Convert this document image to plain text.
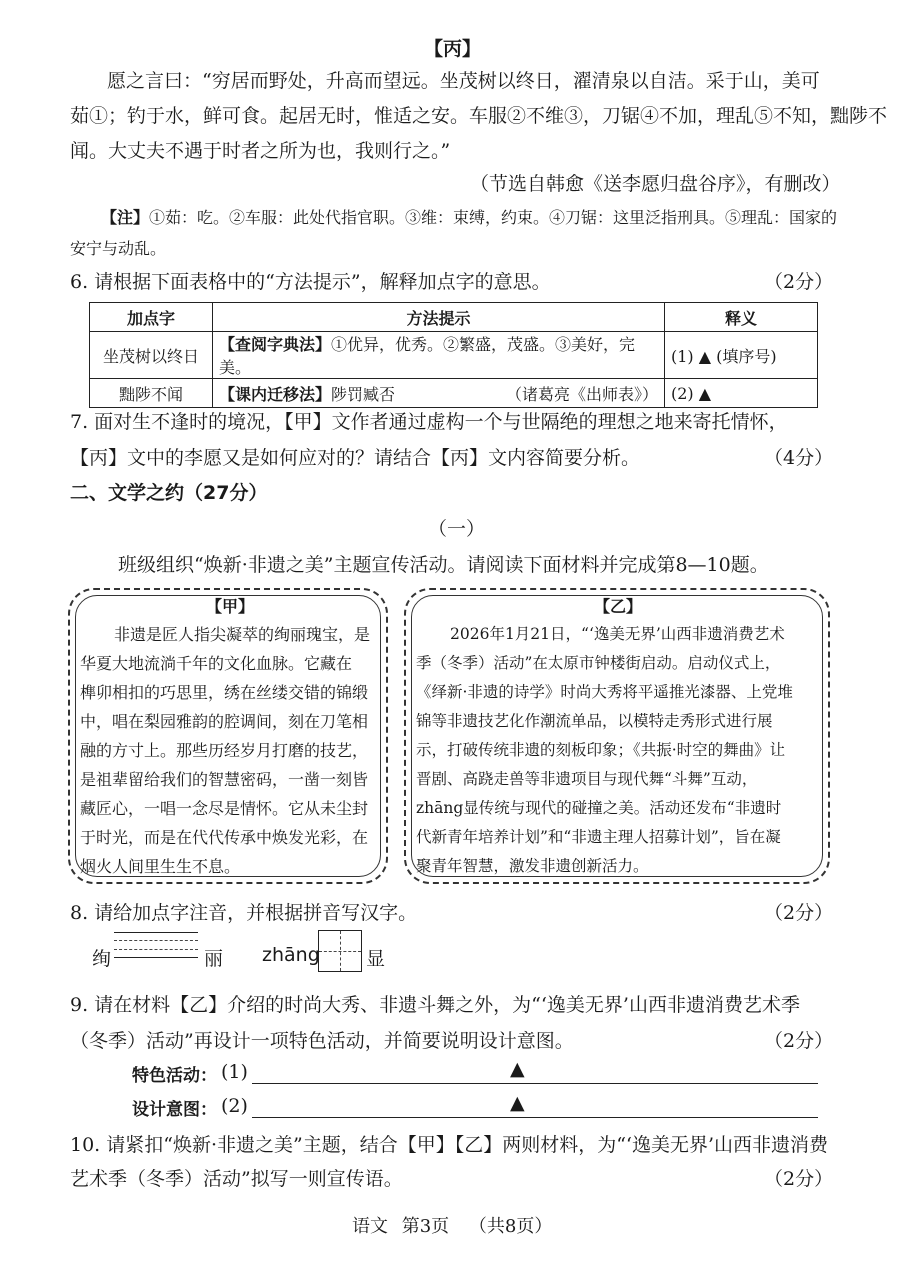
【丙】
愿之言曰：“穷居而野处，升高而望远。坐茂树以终日，濯清泉以自洁。采于山，美可
茹①；钓于水，鲜可食。起居无时，惟适之安。车服②不维③，刀锯④不加，理乱⑤不知，黜陟不
闻。大丈夫不遇于时者之所为也，我则行之。”
（节选自韩愈《送李愿归盘谷序》，有删改）
【注】①茹：吃。②车服：此处代指官职。③维：束缚，约束。④刀锯：这里泛指刑具。⑤理乱：国家的
安宁与动乱。
6. 请根据下面表格中的“方法提示”，解释加点字的意思。	（2分）
加点字	方法提示	释义
坐茂树以终日	【查阅字典法】①优异，优秀。②繁盛，茂盛。③美好，完美。	(1) ▲ (填序号)
黜陟不闻	【课内迁移法】陟罚臧否 （诸葛亮《出师表》）	(2) ▲
7. 面对生不逢时的境况，【甲】文作者通过虚构一个与世隔绝的理想之地来寄托情怀，
【丙】文中的李愿又是如何应对的？请结合【丙】文内容简要分析。	（4分）
二、文学之约（27分）
（一）
班级组织“焕新·非遗之美”主题宣传活动。请阅读下面材料并完成第8—10题。
【甲】
非遗是匠人指尖凝萃的绚丽瑰宝，是
华夏大地流淌千年的文化血脉。它藏在
榫卯相扣的巧思里，绣在丝缕交错的锦缎
中，唱在梨园雅韵的腔调间，刻在刀笔相
融的方寸上。那些历经岁月打磨的技艺，
是祖辈留给我们的智慧密码，一凿一刻皆
藏匠心，一唱一念尽是情怀。它从未尘封
于时光，而是在代代传承中焕发光彩，在
烟火人间里生生不息。
【乙】
2026年1月21日，“‘逸美无界’山西非遗消费艺术
季（冬季）活动”在太原市钟楼街启动。启动仪式上，
《绎新·非遗的诗学》时尚大秀将平遥推光漆器、上党堆
锦等非遗技艺化作潮流单品，以模特走秀形式进行展
示，打破传统非遗的刻板印象；《共振·时空的舞曲》让
晋剧、高跷走兽等非遗项目与现代舞“斗舞”互动，
zhāng显传统与现代的碰撞之美。活动还发布“非遗时
代新青年培养计划”和“非遗主理人招募计划”，旨在凝
聚青年智慧，激发非遗创新活力。
8. 请给加点字注音，并根据拼音写汉字。	（2分）
绚	丽 zhāng 显
9. 请在材料【乙】介绍的时尚大秀、非遗斗舞之外，为“‘逸美无界’山西非遗消费艺术季
（冬季）活动”再设计一项特色活动，并简要说明设计意图。	（2分）
特色活动： (1)	▲
设计意图： (2)	▲
10. 请紧扣“焕新·非遗之美”主题，结合【甲】【乙】两则材料，为“‘逸美无界’山西非遗消费
艺术季（冬季）活动”拟写一则宣传语。	（2分）
语文 第3页 （共8页）
